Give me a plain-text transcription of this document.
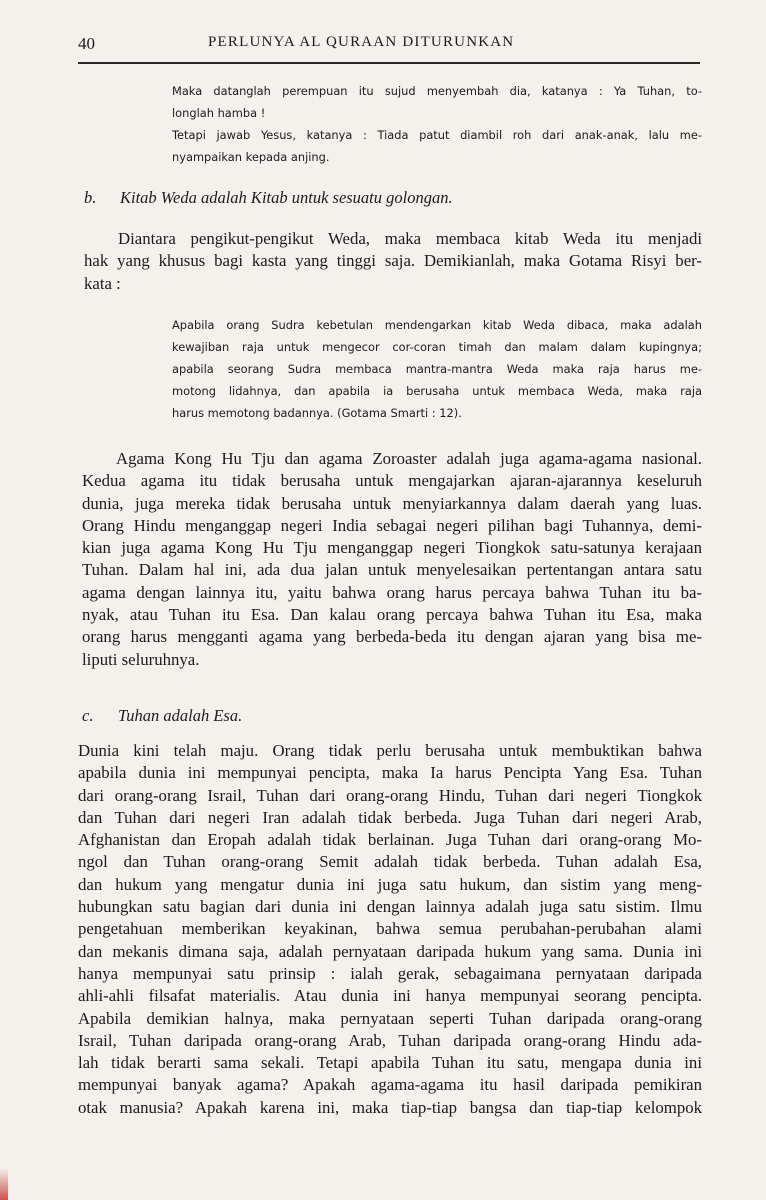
40	PERLUNYA AL QURAAN DITURUNKAN
Maka datanglah perempuan itu sujud menyembah dia, katanya : Ya Tuhan, to-
longlah hamba !
Tetapi jawab Yesus, katanya : Tiada patut diambil roh dari anak-anak, lalu me-
nyampaikan kepada anjing.
b. Kitab Weda adalah Kitab untuk sesuatu golongan.
Diantara pengikut-pengikut Weda, maka membaca kitab Weda itu menjadi
hak yang khusus bagi kasta yang tinggi saja. Demikianlah, maka Gotama Risyi ber-
kata :
Apabila orang Sudra kebetulan mendengarkan kitab Weda dibaca, maka adalah
kewajiban raja untuk mengecor cor-coran timah dan malam dalam kupingnya;
apabila seorang Sudra membaca mantra-mantra Weda maka raja harus me-
motong lidahnya, dan apabila ia berusaha untuk membaca Weda, maka raja
harus memotong badannya. (Gotama Smarti : 12).
Agama Kong Hu Tju dan agama Zoroaster adalah juga agama-agama nasional.
Kedua agama itu tidak berusaha untuk mengajarkan ajaran-ajarannya keseluruh
dunia, juga mereka tidak berusaha untuk menyiarkannya dalam daerah yang luas.
Orang Hindu menganggap negeri India sebagai negeri pilihan bagi Tuhannya, demi-
kian juga agama Kong Hu Tju menganggap negeri Tiongkok satu-satunya kerajaan
Tuhan. Dalam hal ini, ada dua jalan untuk menyelesaikan pertentangan antara satu
agama dengan lainnya itu, yaitu bahwa orang harus percaya bahwa Tuhan itu ba-
nyak, atau Tuhan itu Esa. Dan kalau orang percaya bahwa Tuhan itu Esa, maka
orang harus mengganti agama yang berbeda-beda itu dengan ajaran yang bisa me-
liputi seluruhnya.
c. Tuhan adalah Esa.
Dunia kini telah maju. Orang tidak perlu berusaha untuk membuktikan bahwa
apabila dunia ini mempunyai pencipta, maka Ia harus Pencipta Yang Esa. Tuhan
dari orang-orang Israil, Tuhan dari orang-orang Hindu, Tuhan dari negeri Tiongkok
dan Tuhan dari negeri Iran adalah tidak berbeda. Juga Tuhan dari negeri Arab,
Afghanistan dan Eropah adalah tidak berlainan. Juga Tuhan dari orang-orang Mo-
ngol dan Tuhan orang-orang Semit adalah tidak berbeda. Tuhan adalah Esa,
dan hukum yang mengatur dunia ini juga satu hukum, dan sistim yang meng-
hubungkan satu bagian dari dunia ini dengan lainnya adalah juga satu sistim. Ilmu
pengetahuan memberikan keyakinan, bahwa semua perubahan-perubahan alami
dan mekanis dimana saja, adalah pernyataan daripada hukum yang sama. Dunia ini
hanya mempunyai satu prinsip : ialah gerak, sebagaimana pernyataan daripada
ahli-ahli filsafat materialis. Atau dunia ini hanya mempunyai seorang pencipta.
Apabila demikian halnya, maka pernyataan seperti Tuhan daripada orang-orang
Israil, Tuhan daripada orang-orang Arab, Tuhan daripada orang-orang Hindu ada-
lah tidak berarti sama sekali. Tetapi apabila Tuhan itu satu, mengapa dunia ini
mempunyai banyak agama? Apakah agama-agama itu hasil daripada pemikiran
otak manusia? Apakah karena ini, maka tiap-tiap bangsa dan tiap-tiap kelompok
